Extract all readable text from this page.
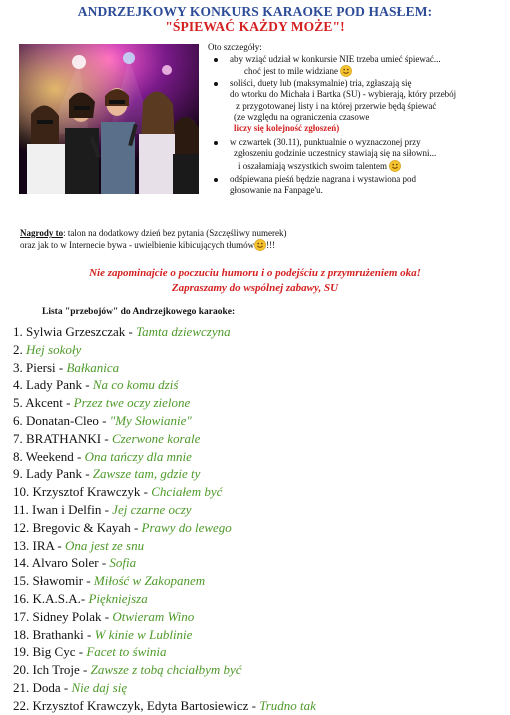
ANDRZEJKOWY KONKURS KARAOKE POD HASŁEM:
"ŚPIEWAĆ KAŻDY MOŻE"!
Oto szczegóły:
aby wziąć udział w konkursie NIE trzeba umieć śpiewać...
choć jest to mile widziane
soliści, duety lub (maksymalnie) tria, zgłaszają się
do wtorku do Michała i Bartka (SU) - wybierają, który przebój
z przygotowanej listy i na której przerwie będą śpiewać
(ze względu na ograniczenia czasowe
liczy się kolejność zgłoszeń)
w czwartek (30.11), punktualnie o wyznaczonej przy
zgłoszeniu godzinie uczestnicy stawiają się na siłowni...
i oszałamiają wszystkich swoim talentem
odśpiewana pieśń będzie nagrana i wystawiona pod
głosowanie na Fanpage'u.
Nagrody to: talon na dodatkowy dzień bez pytania (Szczęśliwy numerek)
oraz jak to w Internecie bywa - uwielbienie kibicujących tłumów !!!
Nie zapominajcie o poczuciu humoru i o podejściu z przymrużeniem oka!
Zapraszamy do wspólnej zabawy, SU
Lista "przebojów" do Andrzejkowego karaoke:
1. Sylwia Grzeszczak - Tamta dziewczyna
2. Hej sokoły
3. Piersi - Bałkanica
4. Lady Pank - Na co komu dziś
5. Akcent - Przez twe oczy zielone
6. Donatan-Cleo - "My Słowianie"
7. BRATHANKI - Czerwone korale
8. Weekend - Ona tańczy dla mnie
9. Lady Pank - Zawsze tam, gdzie ty
10. Krzysztof Krawczyk - Chciałem być
11. Iwan i Delfin - Jej czarne oczy
12. Bregovic & Kayah - Prawy do lewego
13. IRA - Ona jest ze snu
14. Alvaro Soler - Sofia
15. Sławomir - Miłość w Zakopanem
16. K.A.S.A.- Piękniejsza
17. Sidney Polak - Otwieram Wino
18. Brathanki - W kinie w Lublinie
19. Big Cyc - Facet to świnia
20. Ich Troje - Zawsze z tobą chciałbym być
21. Doda - Nie daj się
22. Krzysztof Krawczyk, Edyta Bartosiewicz - Trudno tak
